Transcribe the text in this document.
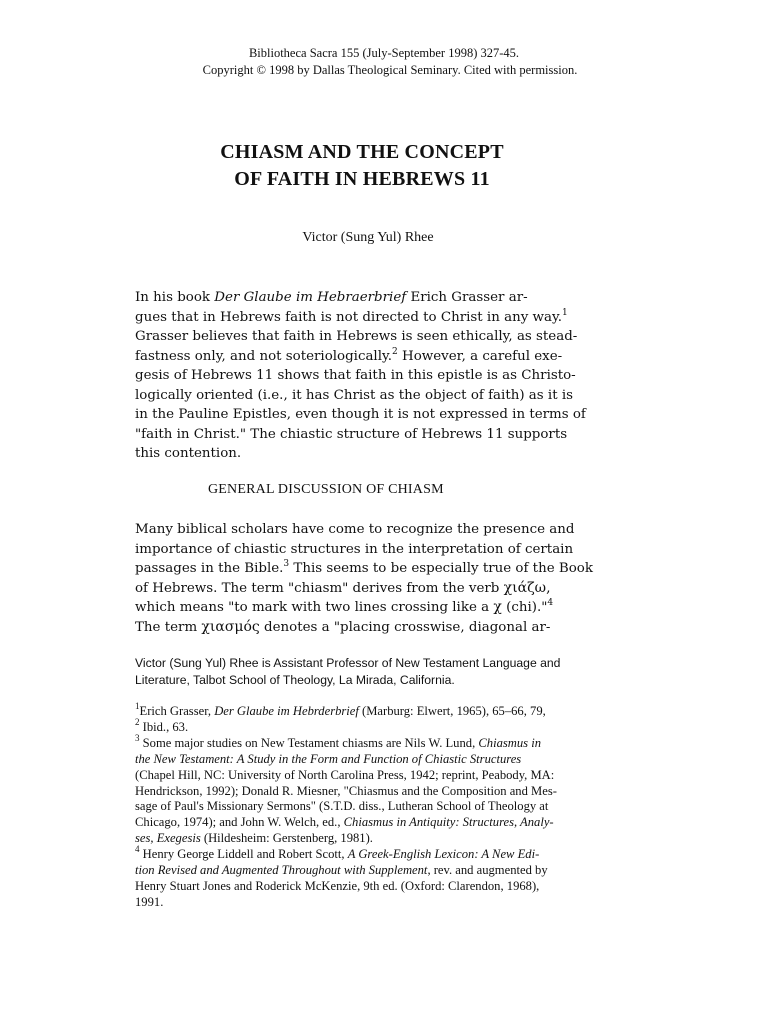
Bibliotheca Sacra 155 (July-September 1998) 327-45.
Copyright © 1998 by Dallas Theological Seminary. Cited with permission.
CHIASM AND THE CONCEPT
OF FAITH IN HEBREWS 11
Victor (Sung Yul) Rhee
In his book Der Glaube im Hebraerbrief Erich Grasser ar-
gues that in Hebrews faith is not directed to Christ in any way.$^1$
Grasser believes that faith in Hebrews is seen ethically, as stead-
fastness only, and not soteriologically.$^2$ However, a careful exe-
gesis of Hebrews 11 shows that faith in this epistle is as Christo-
logically oriented (i.e., it has Christ as the object of faith) as it is
in the Pauline Epistles, even though it is not expressed in terms of
"faith in Christ." The chiastic structure of Hebrews 11 supports
this contention.
GENERAL DISCUSSION OF CHIASM
Many biblical scholars have come to recognize the presence and
importance of chiastic structures in the interpretation of certain
passages in the Bible.$^3$ This seems to be especially true of the Book
of Hebrews. The term "chiasm" derives from the verb χιάζω,
which means "to mark with two lines crossing like a χ (chi)."$^4$
The term χιασμός denotes a "placing crosswise, diagonal ar-
Victor (Sung Yul) Rhee is Assistant Professor of New Testament Language and
Literature, Talbot School of Theology, La Mirada, California.
$^1$Erich Grasser, Der Glaube im Hebrderbrief (Marburg: Elwert, 1965), 65–66, 79,
$^2$ Ibid., 63.
$^3$ Some major studies on New Testament chiasms are Nils W. Lund, Chiasmus in
the New Testament: A Study in the Form and Function of Chiastic Structures
(Chapel Hill, NC: University of North Carolina Press, 1942; reprint, Peabody, MA:
Hendrickson, 1992); Donald R. Miesner, "Chiasmus and the Composition and Mes-
sage of Paul's Missionary Sermons" (S.T.D. diss., Lutheran School of Theology at
Chicago, 1974); and John W. Welch, ed., Chiasmus in Antiquity: Structures, Analy-
ses, Exegesis (Hildesheim: Gerstenberg, 1981).
$^4$ Henry George Liddell and Robert Scott, A Greek-English Lexicon: A New Edi-
tion Revised and Augmented Throughout with Supplement, rev. and augmented by
Henry Stuart Jones and Roderick McKenzie, 9th ed. (Oxford: Clarendon, 1968),
1991.
